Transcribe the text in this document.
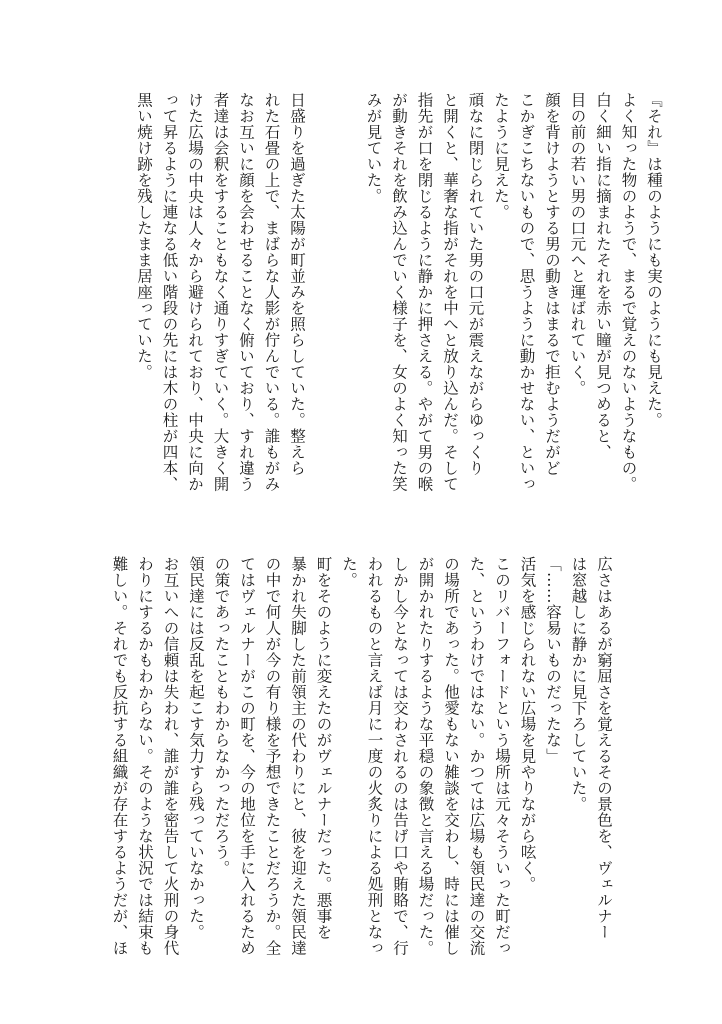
『それ』は種のようにも実のようにも見えた。

よく知った物のようで、まるで覚えのないようなもの。

白く細い指に摘まれたそれを赤い瞳が見つめると、

目の前の若い男の口元へと運ばれていく。

顔を背けようとする男の動きはまるで拒むようだがど

こかぎこちないもので、思うように動かせない、といっ

たように見えた。

頑なに閉じられていた男の口元が震えながらゆっくり

と開くと、華奢な指がそれを中へと放り込んだ。そして

指先が口を閉じるように静かに押さえる。やがて男の喉

が動きそれを飲み込んでいく様子を、女のよく知った笑

みが見ていた。

日盛りを過ぎた太陽が町並みを照らしていた。整えら

れた石畳の上で、まばらな人影が佇んでいる。誰もがみ

なお互いに顔を会わせることなく俯いており、すれ違う

者達は会釈をすることもなく通りすぎていく。大きく開

けた広場の中央は人々から避けられており、中央に向か

って昇るように連なる低い階段の先には木の柱が四本、

黒い焼け跡を残したまま居座っていた。

広さはあるが窮屈さを覚えるその景色を、ヴェルナー

は窓越しに静かに見下ろしていた。

「……容易いものだったな」

活気を感じられない広場を見やりながら呟く。

このリバーフォードという場所は元々そういった町だっ

た、というわけではない。かつては広場も領民達の交流

の場所であった。他愛もない雑談を交わし、時には催し

が開かれたりするような平穏の象徴と言える場だった。

しかし今となっては交わされるのは告げ口や賄賂で、行

われるものと言えば月に一度の火炙りによる処刑となっ

た。

町をそのように変えたのがヴェルナーだった。悪事を

暴かれ失脚した前領主の代わりにと、彼を迎えた領民達

の中で何人が今の有り様を予想できたことだろうか。全

てはヴェルナーがこの町を、今の地位を手に入れるため

の策であったこともわからなかっただろう。

領民達には反乱を起こす気力すら残っていなかった。

お互いへの信頼は失われ、誰が誰を密告して火刑の身代

わりにするかもわからない。そのような状況では結束も

難しい。それでも反抗する組織が存在するようだが、ほ
